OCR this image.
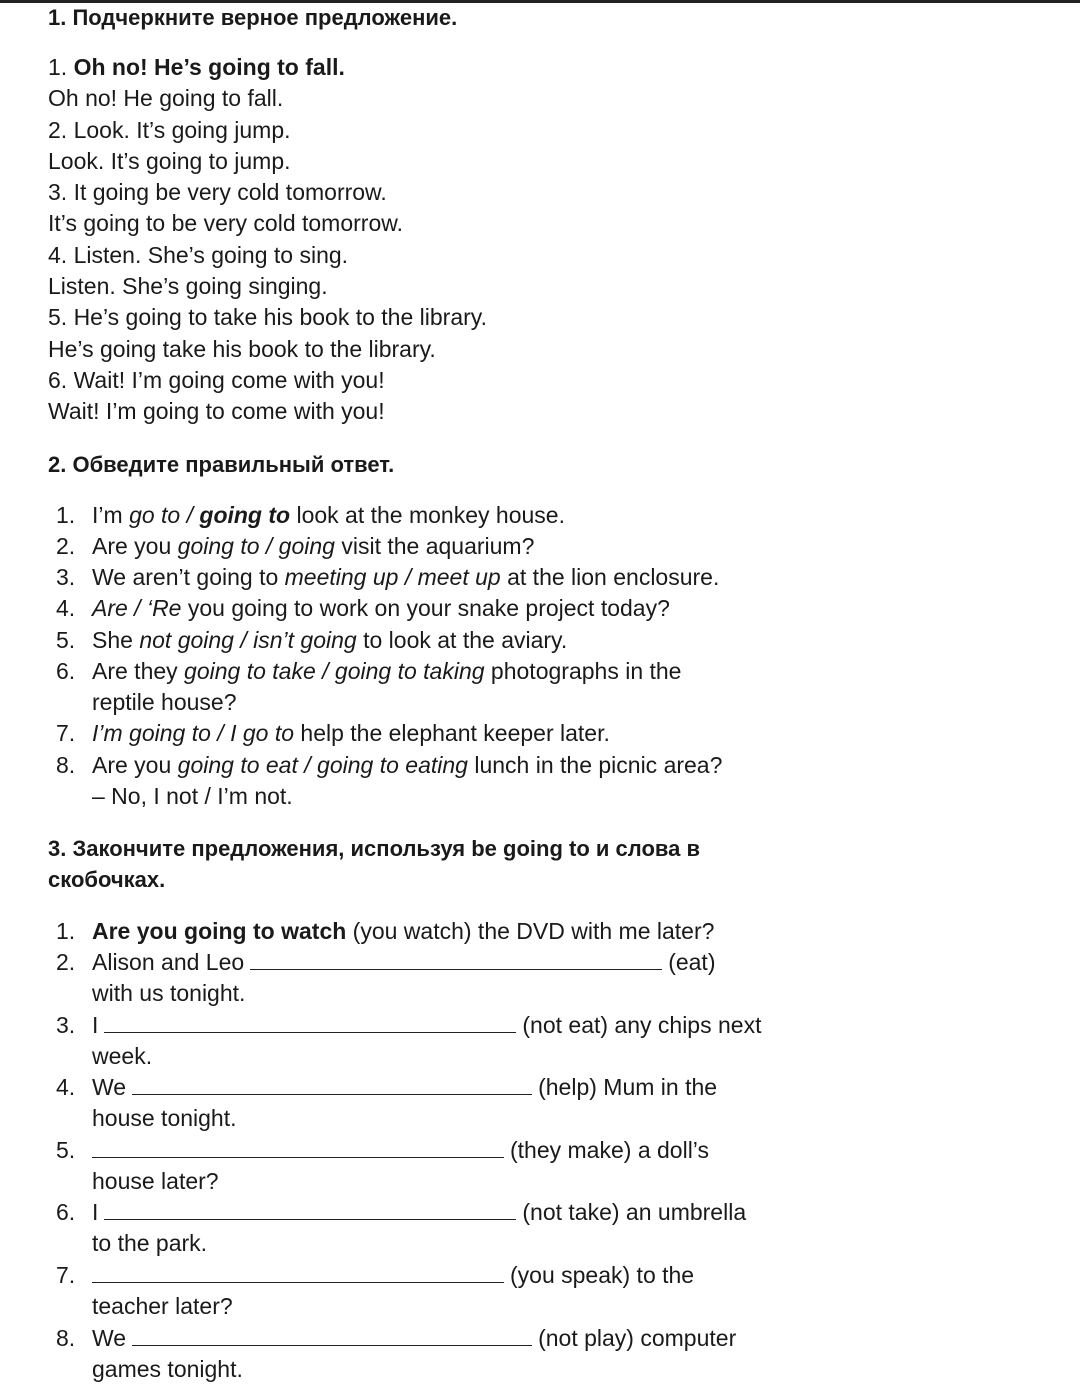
1. Подчеркните верное предложение.
1. Oh no! He’s going to fall.
Oh no! He going to fall.
2. Look. It’s going jump.
Look. It’s going to jump.
3. It going be very cold tomorrow.
It’s going to be very cold tomorrow.
4. Listen. She’s going to sing.
Listen. She’s going singing.
5. He’s going to take his book to the library.
He’s going take his book to the library.
6. Wait! I’m going come with you!
Wait! I’m going to come with you!
2. Обведите правильный ответ.
1. I’m go to / going to look at the monkey house.
2. Are you going to / going visit the aquarium?
3. We aren’t going to meeting up / meet up at the lion enclosure.
4. Are / ‘Re you going to work on your snake project today?
5. She not going / isn’t going to look at the aviary.
6. Are they going to take / going to taking photographs in the
reptile house?
7. I’m going to / I go to help the elephant keeper later.
8. Are you going to eat / going to eating lunch in the picnic area?
– No, I not / I’m not.
3. Закончите предложения, используя be going to и слова в
скобочках.
1. Are you going to watch (you watch) the DVD with me later?
2. Alison and Leo	(eat)
with us tonight.
3. I	(not eat) any chips next
week.
4. We	(help) Mum in the
house tonight.
5.	(they make) a doll’s
house later?
6. I	(not take) an umbrella
to the park.
7.	(you speak) to the
teacher later?
8. We	(not play) computer
games tonight.
